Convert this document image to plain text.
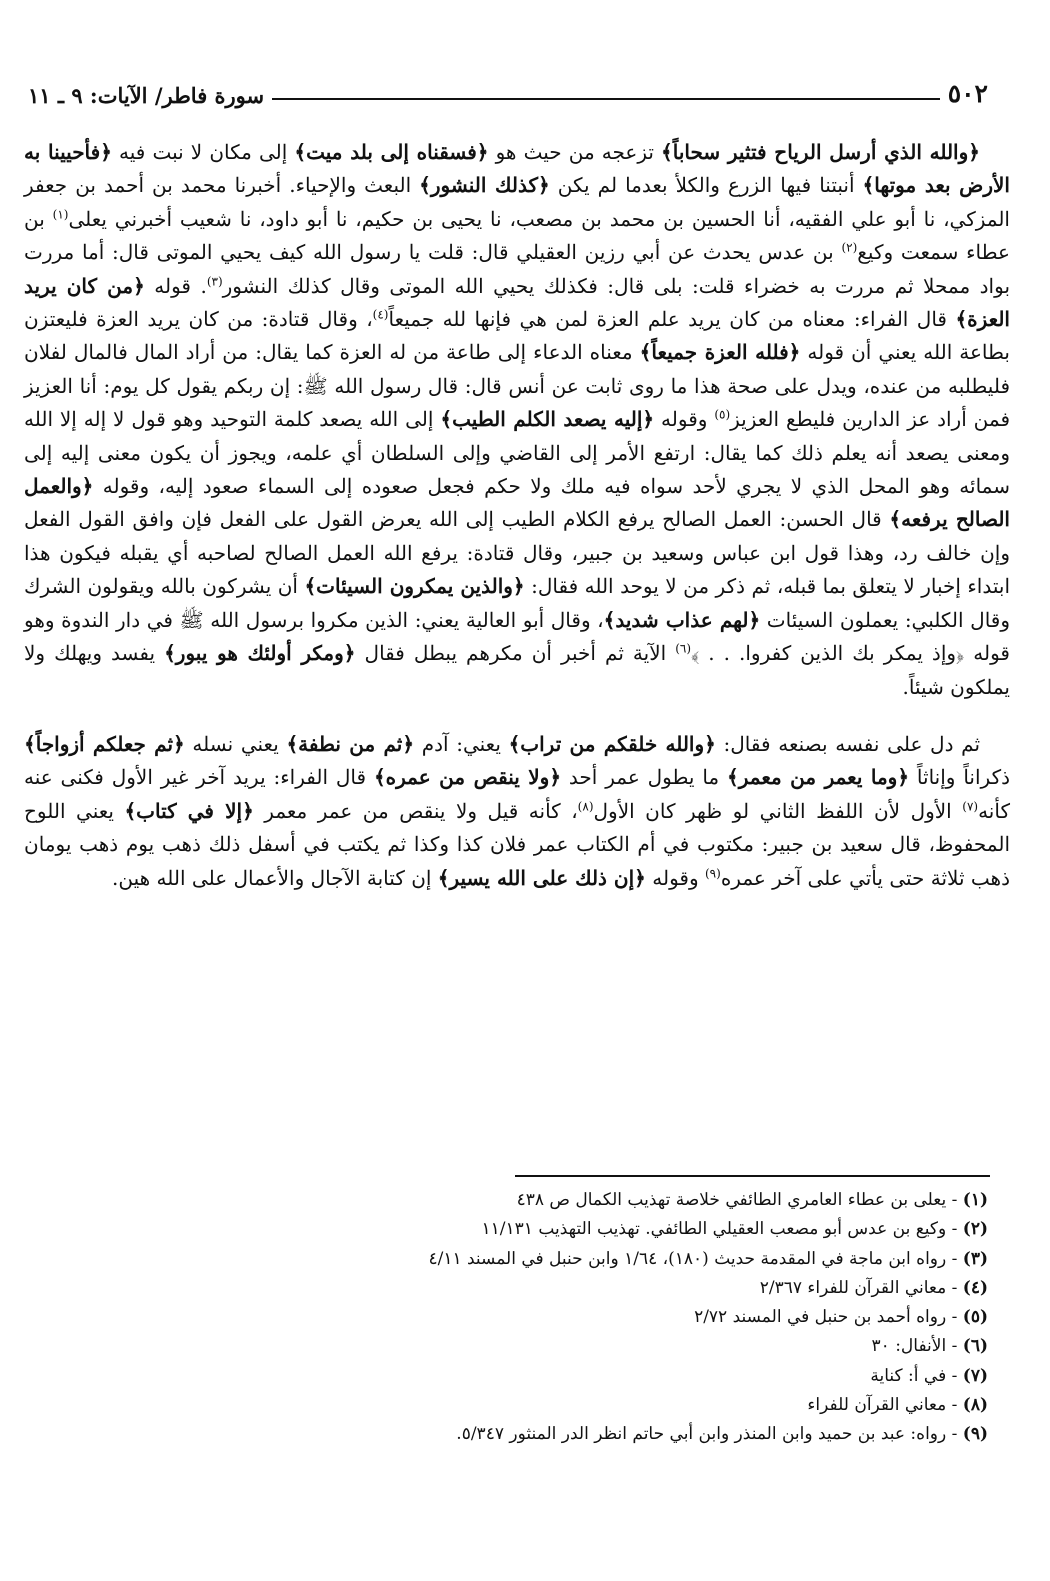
سورة فاطر/ الآيات: ٩ ـ ١١	٥٠٢

﴿والله الذي أرسل الرياح فتثير سحاباً﴾ تزعجه من حيث هو ﴿فسقناه إلى بلد ميت﴾ إلى مكان لا نبت فيه ﴿فأحيينا به الأرض بعد موتها﴾ أنبتنا فيها الزرع والكلأ بعدما لم يكن ﴿كذلك النشور﴾ البعث والإحياء. أخبرنا محمد بن أحمد بن جعفر المزكي، نا أبو علي الفقيه، أنا الحسين بن محمد بن مصعب، نا يحيى بن حكيم، نا أبو داود، نا شعيب أخبرني يعلى$^{(١)}$ بن عطاء سمعت وكيع$^{(٢)}$ بن عدس يحدث عن أبي رزين العقيلي قال: قلت يا رسول الله كيف يحيي الموتى قال: أما مررت بواد ممحلا ثم مررت به خضراء قلت: بلى قال: فكذلك يحيي الله الموتى وقال كذلك النشور$^{(٣)}$. قوله ﴿من كان يريد العزة﴾ قال الفراء: معناه من كان يريد علم العزة لمن هي فإنها لله جميعاً$^{(٤)}$، وقال قتادة: من كان يريد العزة فليعتزن بطاعة الله يعني أن قوله ﴿فلله العزة جميعاً﴾ معناه الدعاء إلى طاعة من له العزة كما يقال: من أراد المال فالمال لفلان فليطلبه من عنده، ويدل على صحة هذا ما روى ثابت عن أنس قال: قال رسول الله ﷺ: إن ربكم يقول كل يوم: أنا العزيز فمن أراد عز الدارين فليطع العزيز$^{(٥)}$ وقوله ﴿إليه يصعد الكلم الطيب﴾ إلى الله يصعد كلمة التوحيد وهو قول لا إله إلا الله ومعنى يصعد أنه يعلم ذلك كما يقال: ارتفع الأمر إلى القاضي وإلى السلطان أي علمه، ويجوز أن يكون معنى إليه إلى سمائه وهو المحل الذي لا يجري لأحد سواه فيه ملك ولا حكم فجعل صعوده إلى السماء صعود إليه، وقوله ﴿والعمل الصالح يرفعه﴾ قال الحسن: العمل الصالح يرفع الكلام الطيب إلى الله يعرض القول على الفعل فإن وافق القول الفعل وإن خالف رد، وهذا قول ابن عباس وسعيد بن جبير، وقال قتادة: يرفع الله العمل الصالح لصاحبه أي يقبله فيكون هذا ابتداء إخبار لا يتعلق بما قبله، ثم ذكر من لا يوحد الله فقال: ﴿والذين يمكرون السيئات﴾ أن يشركون بالله ويقولون الشرك وقال الكلبي: يعملون السيئات ﴿لهم عذاب شديد﴾، وقال أبو العالية يعني: الذين مكروا برسول الله ﷺ في دار الندوة وهو قوله ﴿وإذ يمكر بك الذين كفروا. . . ﴾$^{(٦)}$ الآية ثم أخبر أن مكرهم يبطل فقال ﴿ومكر أولئك هو يبور﴾ يفسد ويهلك ولا يملكون شيئاً.

ثم دل على نفسه بصنعه فقال: ﴿والله خلقكم من تراب﴾ يعني: آدم ﴿ثم من نطفة﴾ يعني نسله ﴿ثم جعلكم أزواجاً﴾ ذكراناً وإناثاً ﴿وما يعمر من معمر﴾ ما يطول عمر أحد ﴿ولا ينقص من عمره﴾ قال الفراء: يريد آخر غير الأول فكنى عنه كأنه$^{(٧)}$ الأول لأن اللفظ الثاني لو ظهر كان الأول$^{(٨)}$، كأنه قيل ولا ينقص من عمر معمر ﴿إلا في كتاب﴾ يعني اللوح المحفوظ، قال سعيد بن جبير: مكتوب في أم الكتاب عمر فلان كذا وكذا ثم يكتب في أسفل ذلك ذهب يوم ذهب يومان ذهب ثلاثة حتى يأتي على آخر عمره$^{(٩)}$ وقوله ﴿إن ذلك على الله يسير﴾ إن كتابة الآجال والأعمال على الله هين.

(١) - يعلى بن عطاء العامري الطائفي خلاصة تهذيب الكمال ص ٤٣٨
(٢) - وكيع بن عدس أبو مصعب العقيلي الطائفي. تهذيب التهذيب ١١/١٣١
(٣) - رواه ابن ماجة في المقدمة حديث (١٨٠)، ١/٦٤ وابن حنبل في المسند ٤/١١
(٤) - معاني القرآن للفراء ٢/٣٦٧
(٥) - رواه أحمد بن حنبل في المسند ٢/٧٢
(٦) - الأنفال: ٣٠
(٧) - في أ: كناية
(٨) - معاني القرآن للفراء
(٩) - رواه: عبد بن حميد وابن المنذر وابن أبي حاتم انظر الدر المنثور ٥/٣٤٧.
